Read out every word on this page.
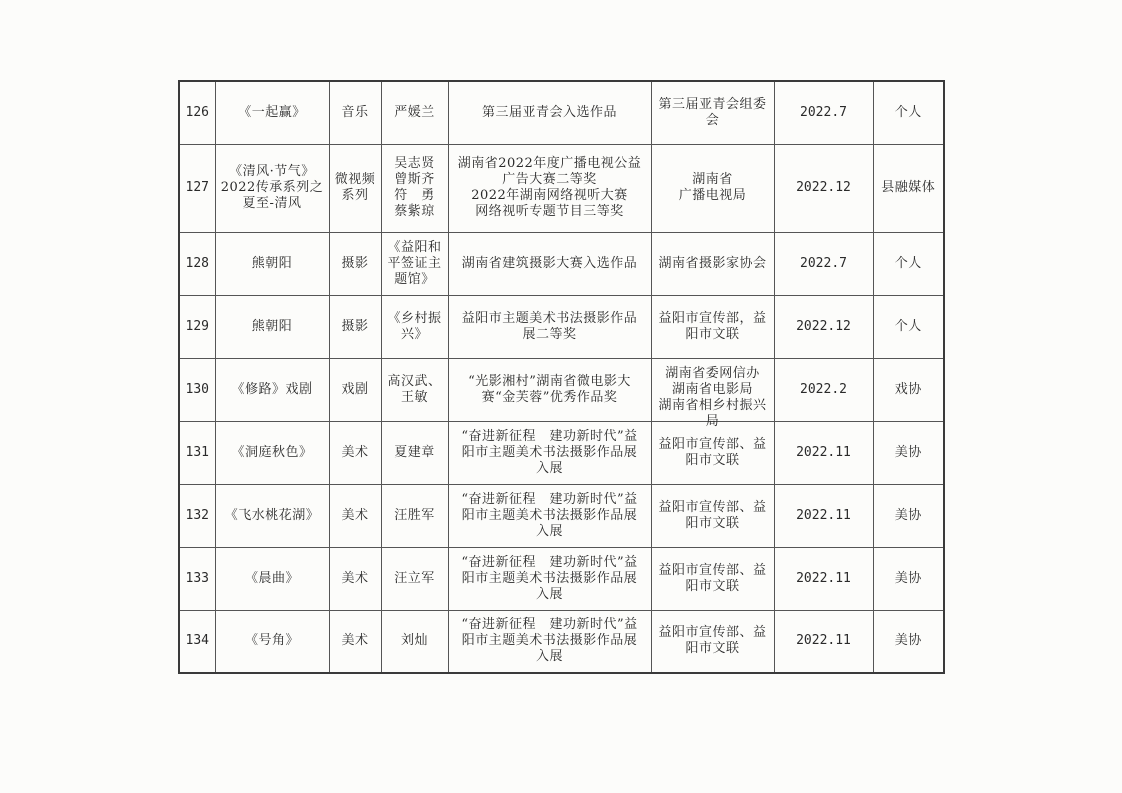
126	《一起赢》	音乐	严媛兰	第三届亚青会入选作品	第三届亚青会组委
会	2022.7	个人
127	《清风·节气》
2022传承系列之
夏至-清风	微视频
系列	吴志贤
曾斯齐
符　勇
蔡紫琼	湖南省2022年度广播电视公益
广告大赛二等奖
2022年湖南网络视听大赛
网络视听专题节目三等奖	湖南省
广播电视局	2022.12	县融媒体
128	熊朝阳	摄影	《益阳和
平签证主
题馆》	湖南省建筑摄影大赛入选作品	湖南省摄影家协会	2022.7	个人
129	熊朝阳	摄影	《乡村振
兴》	益阳市主题美术书法摄影作品
展二等奖	益阳市宣传部，益
阳市文联	2022.12	个人
130	《修路》戏剧	戏剧	高汉武、
王敏	“光影湘村”湖南省微电影大
赛“金芙蓉”优秀作品奖	湖南省委网信办
湖南省电影局
湖南省相乡村振兴
局	2022.2	戏协
131	《洞庭秋色》	美术	夏建章	“奋进新征程　建功新时代”益
阳市主题美术书法摄影作品展
入展	益阳市宣传部、益
阳市文联	2022.11	美协
132	《飞水桃花湖》	美术	汪胜军	“奋进新征程　建功新时代”益
阳市主题美术书法摄影作品展
入展	益阳市宣传部、益
阳市文联	2022.11	美协
133	《晨曲》	美术	汪立军	“奋进新征程　建功新时代”益
阳市主题美术书法摄影作品展
入展	益阳市宣传部、益
阳市文联	2022.11	美协
134	《号角》	美术	刘灿	“奋进新征程　建功新时代”益
阳市主题美术书法摄影作品展
入展	益阳市宣传部、益
阳市文联	2022.11	美协
